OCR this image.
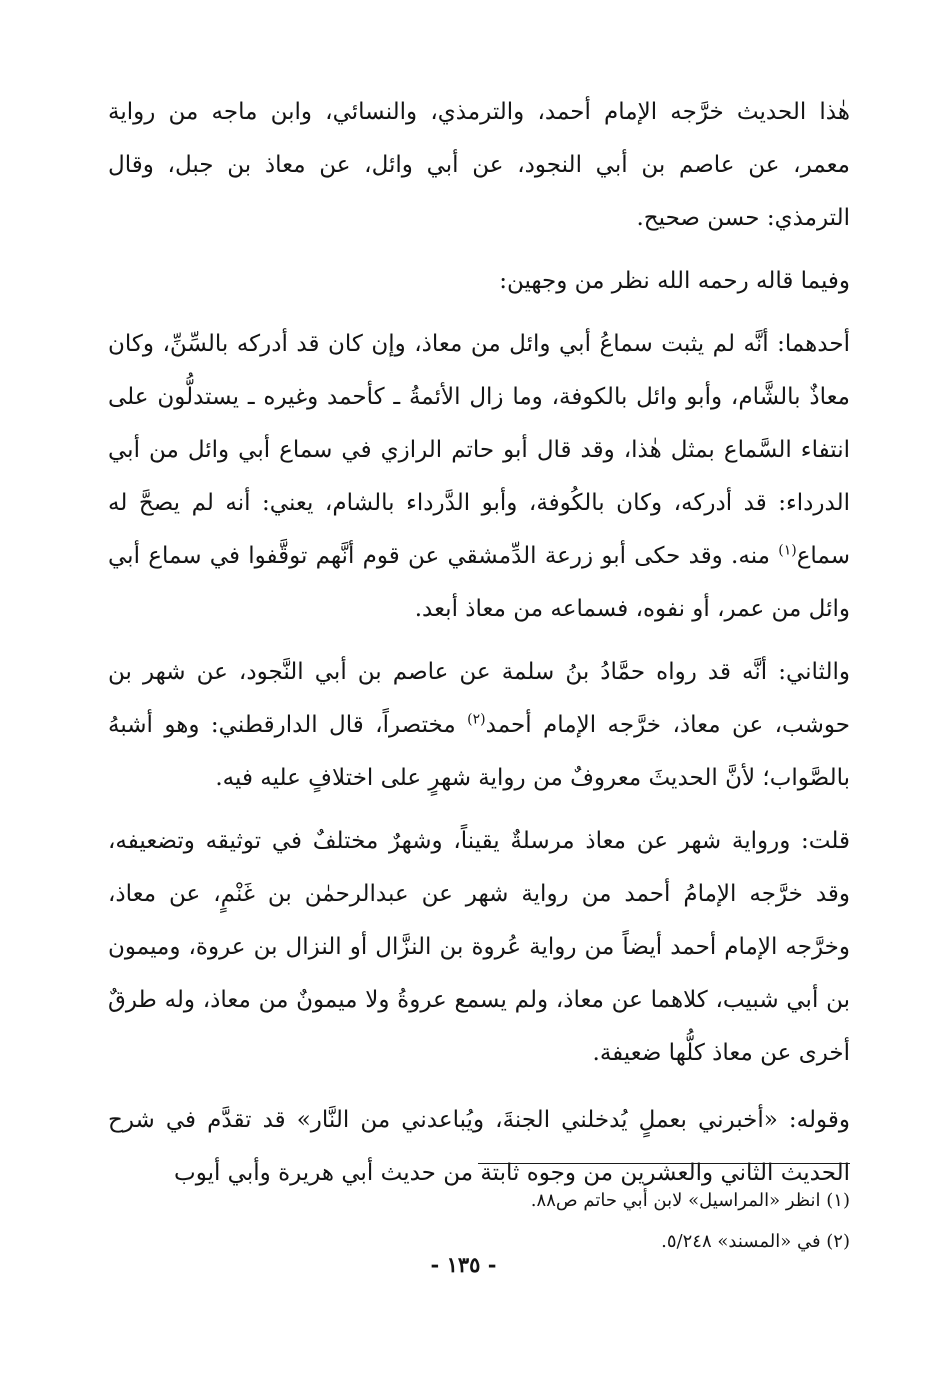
هٰذا الحديث خرَّجه الإمام أحمد، والترمذي، والنسائي، وابن ماجه من رواية معمر، عن عاصم بن أبي النجود، عن أبي وائل، عن معاذ بن جبل، وقال الترمذي: حسن صحيح.

وفيما قاله رحمه الله نظر من وجهين:

أحدهما: أنَّه لم يثبت سماعُ أبي وائل من معاذ، وإن كان قد أدركه بالسِّنِّ، وكان معاذٌ بالشَّام، وأبو وائل بالكوفة، وما زال الأئمةُ ـ كأحمد وغيره ـ يستدلُّون على انتفاء السَّماع بمثل هٰذا، وقد قال أبو حاتم الرازي في سماع أبي وائل من أبي الدرداء: قد أدركه، وكان بالكُوفة، وأبو الدَّرداء بالشام، يعني: أنه لم يصحَّ له سماع$^{(١)}$ منه. وقد حكى أبو زرعة الدِّمشقي عن قوم أنَّهم توقَّفوا في سماع أبي وائل من عمر، أو نفوه، فسماعه من معاذ أبعد.

والثاني: أنَّه قد رواه حمَّادُ بنُ سلمة عن عاصم بن أبي النَّجود، عن شهر بن حوشب، عن معاذ، خرَّجه الإمام أحمد$^{(٢)}$ مختصراً، قال الدارقطني: وهو أشبهُ بالصَّواب؛ لأنَّ الحديثَ معروفٌ من رواية شهرٍ على اختلافٍ عليه فيه.

قلت: ورواية شهر عن معاذ مرسلةٌ يقيناً، وشهرٌ مختلفٌ في توثيقه وتضعيفه، وقد خرَّجه الإمامُ أحمد من رواية شهر عن عبدالرحمٰن بن غَنْمٍ، عن معاذ، وخرَّجه الإمام أحمد أيضاً من رواية عُروة بن النزَّال أو النزال بن عروة، وميمون بن أبي شبيب، كلاهما عن معاذ، ولم يسمع عروةُ ولا ميمونٌ من معاذ، وله طرقٌ أخرى عن معاذ كلُّها ضعيفة.

وقوله: «أخبرني بعملٍ يُدخلني الجنةَ، ويُباعدني من النَّار» قد تقدَّم في شرح الحديث الثاني والعشرين من وجوه ثابتة من حديث أبي هريرة وأبي أيوب

(١) انظر «المراسيل» لابن أبي حاتم ص٨٨.

(٢) في «المسند» ٥/٢٤٨.

- ١٣٥ -
